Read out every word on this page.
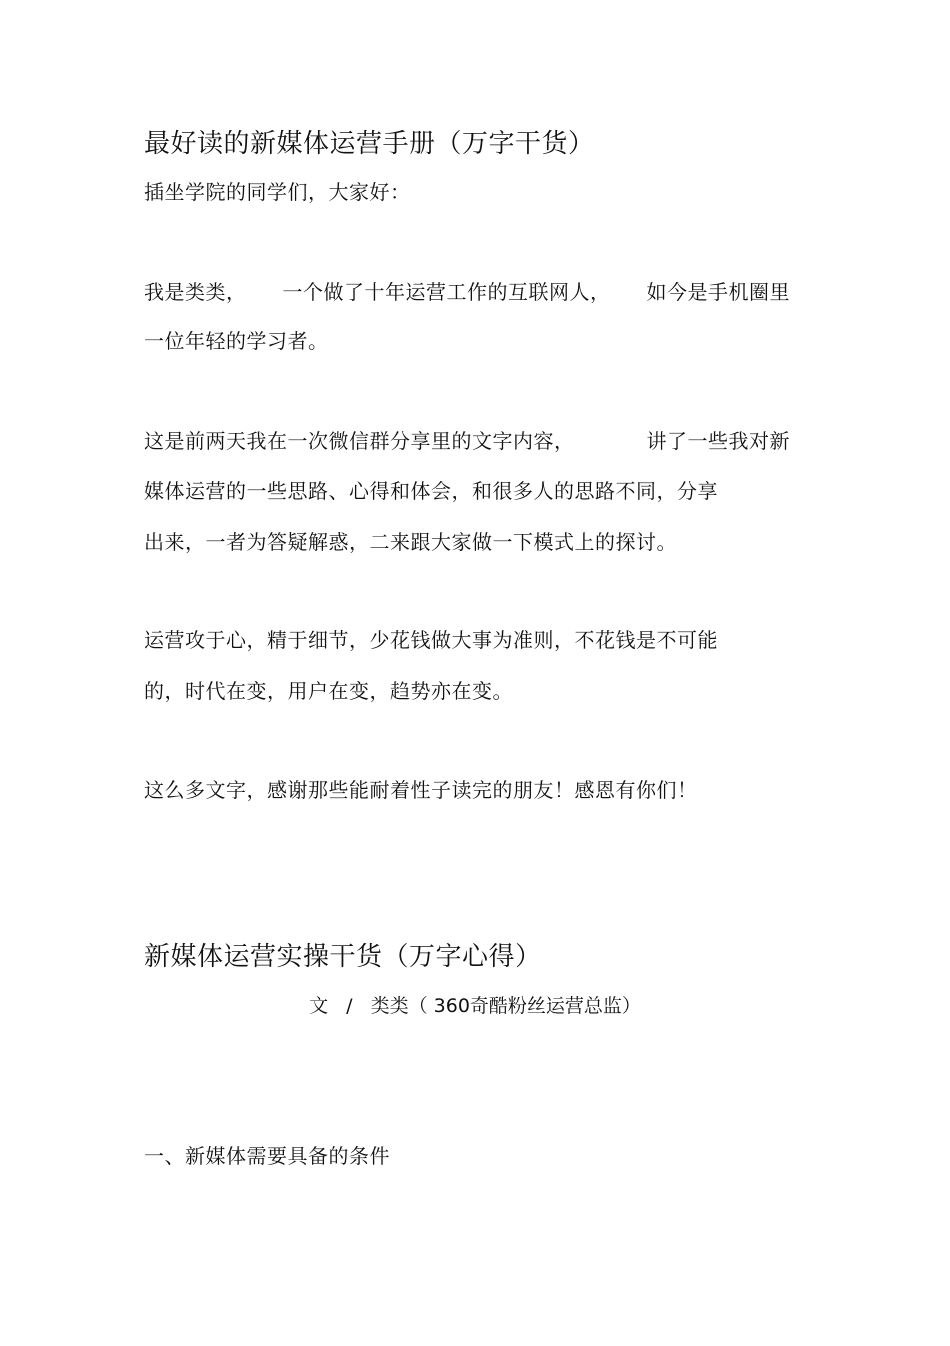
最好读的新媒体运营手册（万字干货）
插坐学院的同学们，大家好：
我是类类， 一个做了十年运营工作的互联网人， 如今是手机圈里
一位年轻的学习者。
这是前两天我在一次微信群分享里的文字内容，	讲了一些我对新
媒体运营的一些思路、心得和体会，和很多人的思路不同，分享
出来，一者为答疑解惑，二来跟大家做一下模式上的探讨。
运营攻于心，精于细节，少花钱做大事为准则，不花钱是不可能
的，时代在变，用户在变，趋势亦在变。
这么多文字，感谢那些能耐着性子读完的朋友！感恩有你们！
新媒体运营实操干货（万字心得）
文 / 类类（ 360奇酷粉丝运营总监）
一、新媒体需要具备的条件
